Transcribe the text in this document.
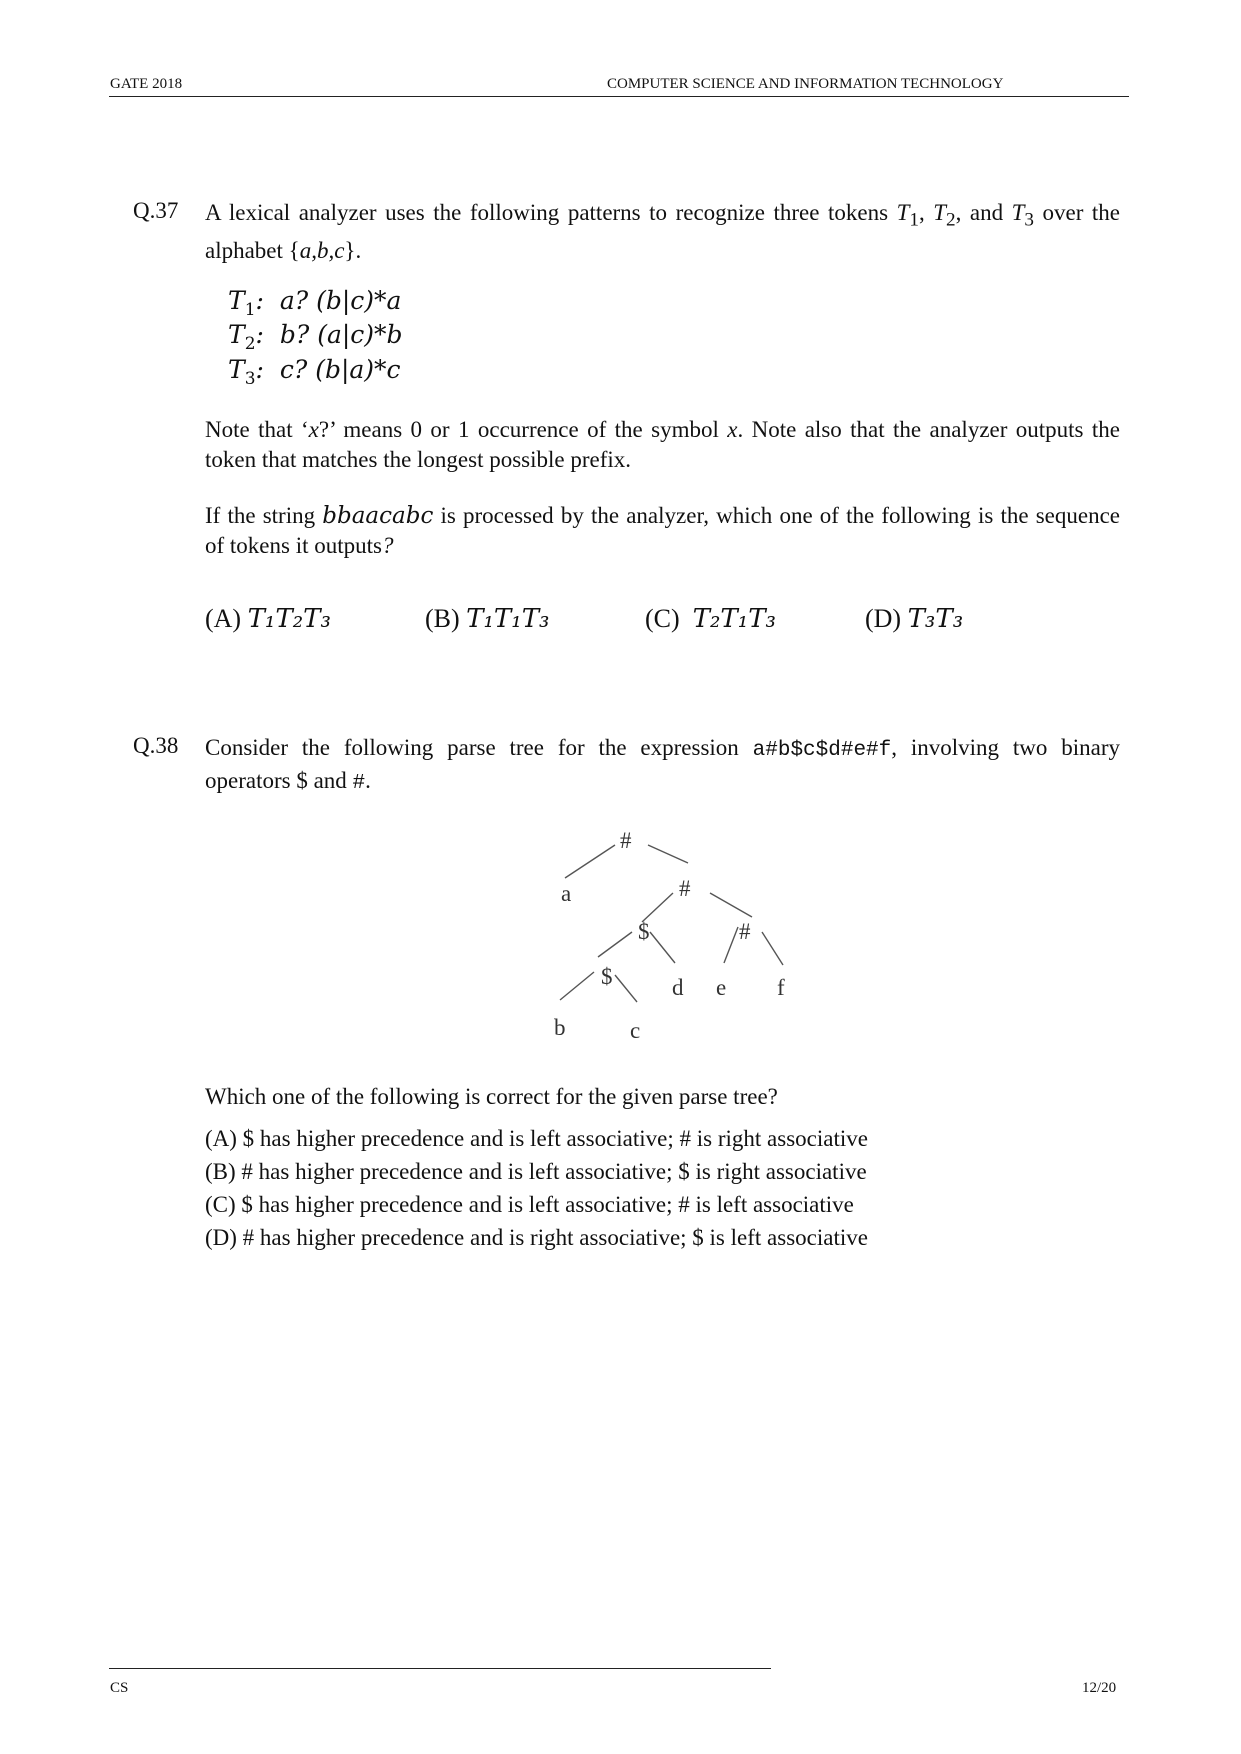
GATE 2018	COMPUTER SCIENCE AND INFORMATION TECHNOLOGY
Q.37 A lexical analyzer uses the following patterns to recognize three tokens $T_1$, $T_2$, and $T_3$ over the alphabet {a,b,c}.
$T_1$:  a? (b|c)*a
$T_2$:  b? (a|c)*b
$T_3$:  c? (b|a)*c
Note that ‘x?’ means 0 or 1 occurrence of the symbol x. Note also that the analyzer outputs the token that matches the longest possible prefix.
If the string bbaacabc is processed by the analyzer, which one of the following is the sequence of tokens it outputs?
(A) T₁T₂T₃	(B) T₁T₁T₃	(C) T₂T₁T₃	(D) T₃T₃
Q.38 Consider the following parse tree for the expression a#b$c$d#e#f, involving two binary operators $ and #.
#
a	#
$	#
$	d e f
b	c
Which one of the following is correct for the given parse tree?
(A) $ has higher precedence and is left associative; # is right associative
(B) # has higher precedence and is left associative; $ is right associative
(C) $ has higher precedence and is left associative; # is left associative
(D) # has higher precedence and is right associative; $ is left associative
CS	12/20
